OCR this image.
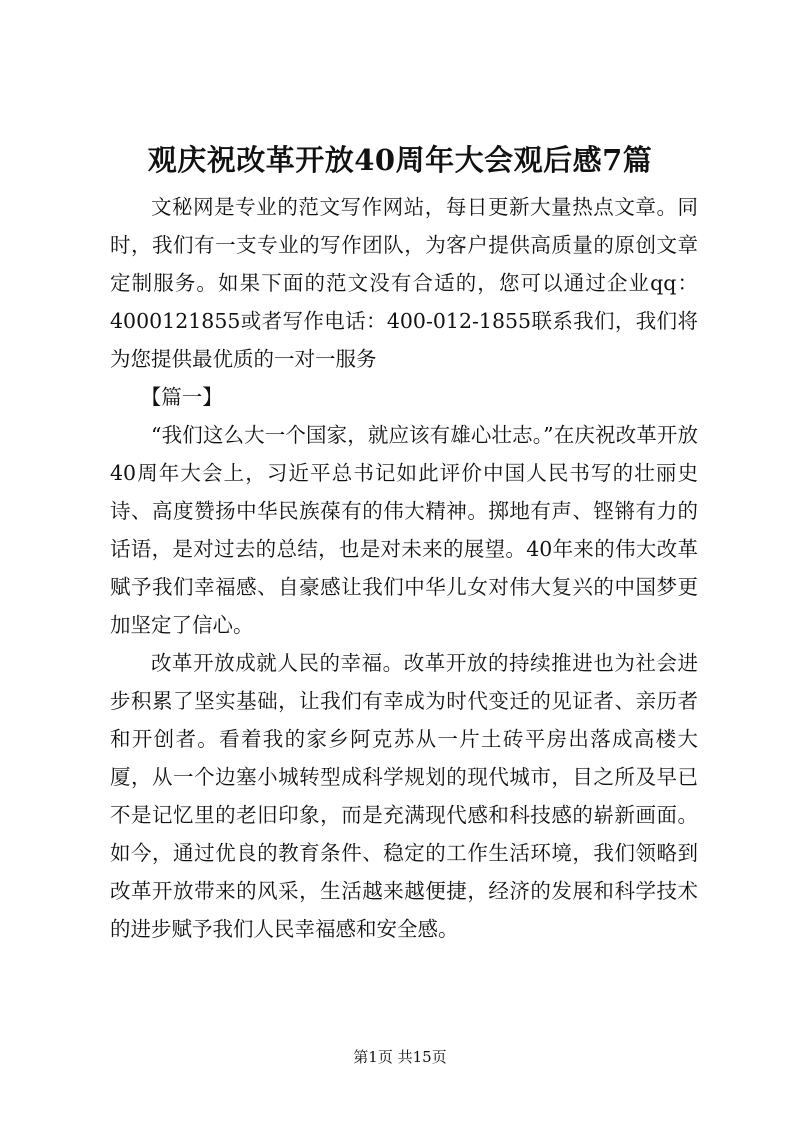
观庆祝改革开放40周年大会观后感7篇

文秘网是专业的范文写作网站，每日更新大量热点文章。同时，我们有一支专业的写作团队，为客户提供高质量的原创文章定制服务。如果下面的范文没有合适的，您可以通过企业qq：4000121855或者写作电话：400-012-1855联系我们，我们将为您提供最优质的一对一服务

【篇一】

“我们这么大一个国家，就应该有雄心壮志。”在庆祝改革开放40周年大会上，习近平总书记如此评价中国人民书写的壮丽史诗、高度赞扬中华民族葆有的伟大精神。掷地有声、铿锵有力的话语，是对过去的总结，也是对未来的展望。40年来的伟大改革赋予我们幸福感、自豪感让我们中华儿女对伟大复兴的中国梦更加坚定了信心。

改革开放成就人民的幸福。改革开放的持续推进也为社会进步积累了坚实基础，让我们有幸成为时代变迁的见证者、亲历者和开创者。看着我的家乡阿克苏从一片土砖平房出落成高楼大厦，从一个边塞小城转型成科学规划的现代城市，目之所及早已不是记忆里的老旧印象，而是充满现代感和科技感的崭新画面。如今，通过优良的教育条件、稳定的工作生活环境，我们领略到改革开放带来的风采，生活越来越便捷，经济的发展和科学技术的进步赋予我们人民幸福感和安全感。

第1页 共15页
